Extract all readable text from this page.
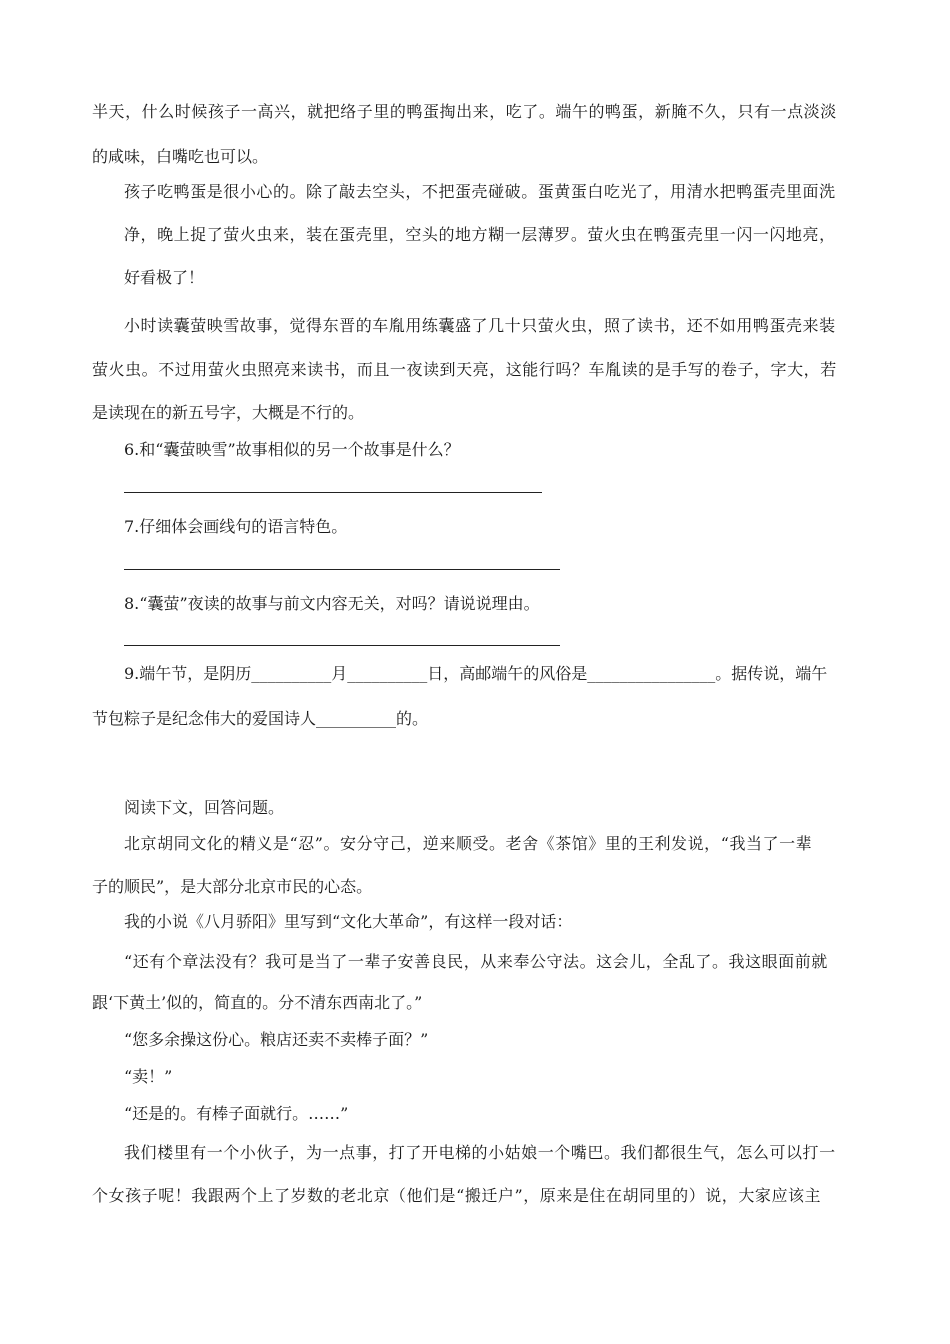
半天，什么时候孩子一高兴，就把络子里的鸭蛋掏出来，吃了。端午的鸭蛋，新腌不久，只有一点淡淡
的咸味，白嘴吃也可以。
孩子吃鸭蛋是很小心的。除了敲去空头，不把蛋壳碰破。蛋黄蛋白吃光了，用清水把鸭蛋壳里面洗
净，晚上捉了萤火虫来，装在蛋壳里，空头的地方糊一层薄罗。萤火虫在鸭蛋壳里一闪一闪地亮，
好看极了！
小时读囊萤映雪故事，觉得东晋的车胤用练囊盛了几十只萤火虫，照了读书，还不如用鸭蛋壳来装
萤火虫。不过用萤火虫照亮来读书，而且一夜读到天亮，这能行吗？车胤读的是手写的卷子，字大，若
是读现在的新五号字，大概是不行的。
6.和“囊萤映雪”故事相似的另一个故事是什么？
7.仔细体会画线句的语言特色。
8.“囊萤”夜读的故事与前文内容无关，对吗？请说说理由。
9.端午节，是阴历__________月__________日，高邮端午的风俗是________________。据传说，端午
节包粽子是纪念伟大的爱国诗人__________的。
阅读下文，回答问题。
北京胡同文化的精义是“忍”。安分守己，逆来顺受。老舍《茶馆》里的王利发说，“我当了一辈
子的顺民”，是大部分北京市民的心态。
我的小说《八月骄阳》里写到“文化大革命”，有这样一段对话：
“还有个章法没有？我可是当了一辈子安善良民，从来奉公守法。这会儿，全乱了。我这眼面前就
跟‘下黄土’似的，简直的。分不清东西南北了。”
“您多余操这份心。粮店还卖不卖棒子面？”
“卖！”
“还是的。有棒子面就行。……”
我们楼里有一个小伙子，为一点事，打了开电梯的小姑娘一个嘴巴。我们都很生气，怎么可以打一
个女孩子呢！我跟两个上了岁数的老北京（他们是“搬迁户”，原来是住在胡同里的）说，大家应该主
